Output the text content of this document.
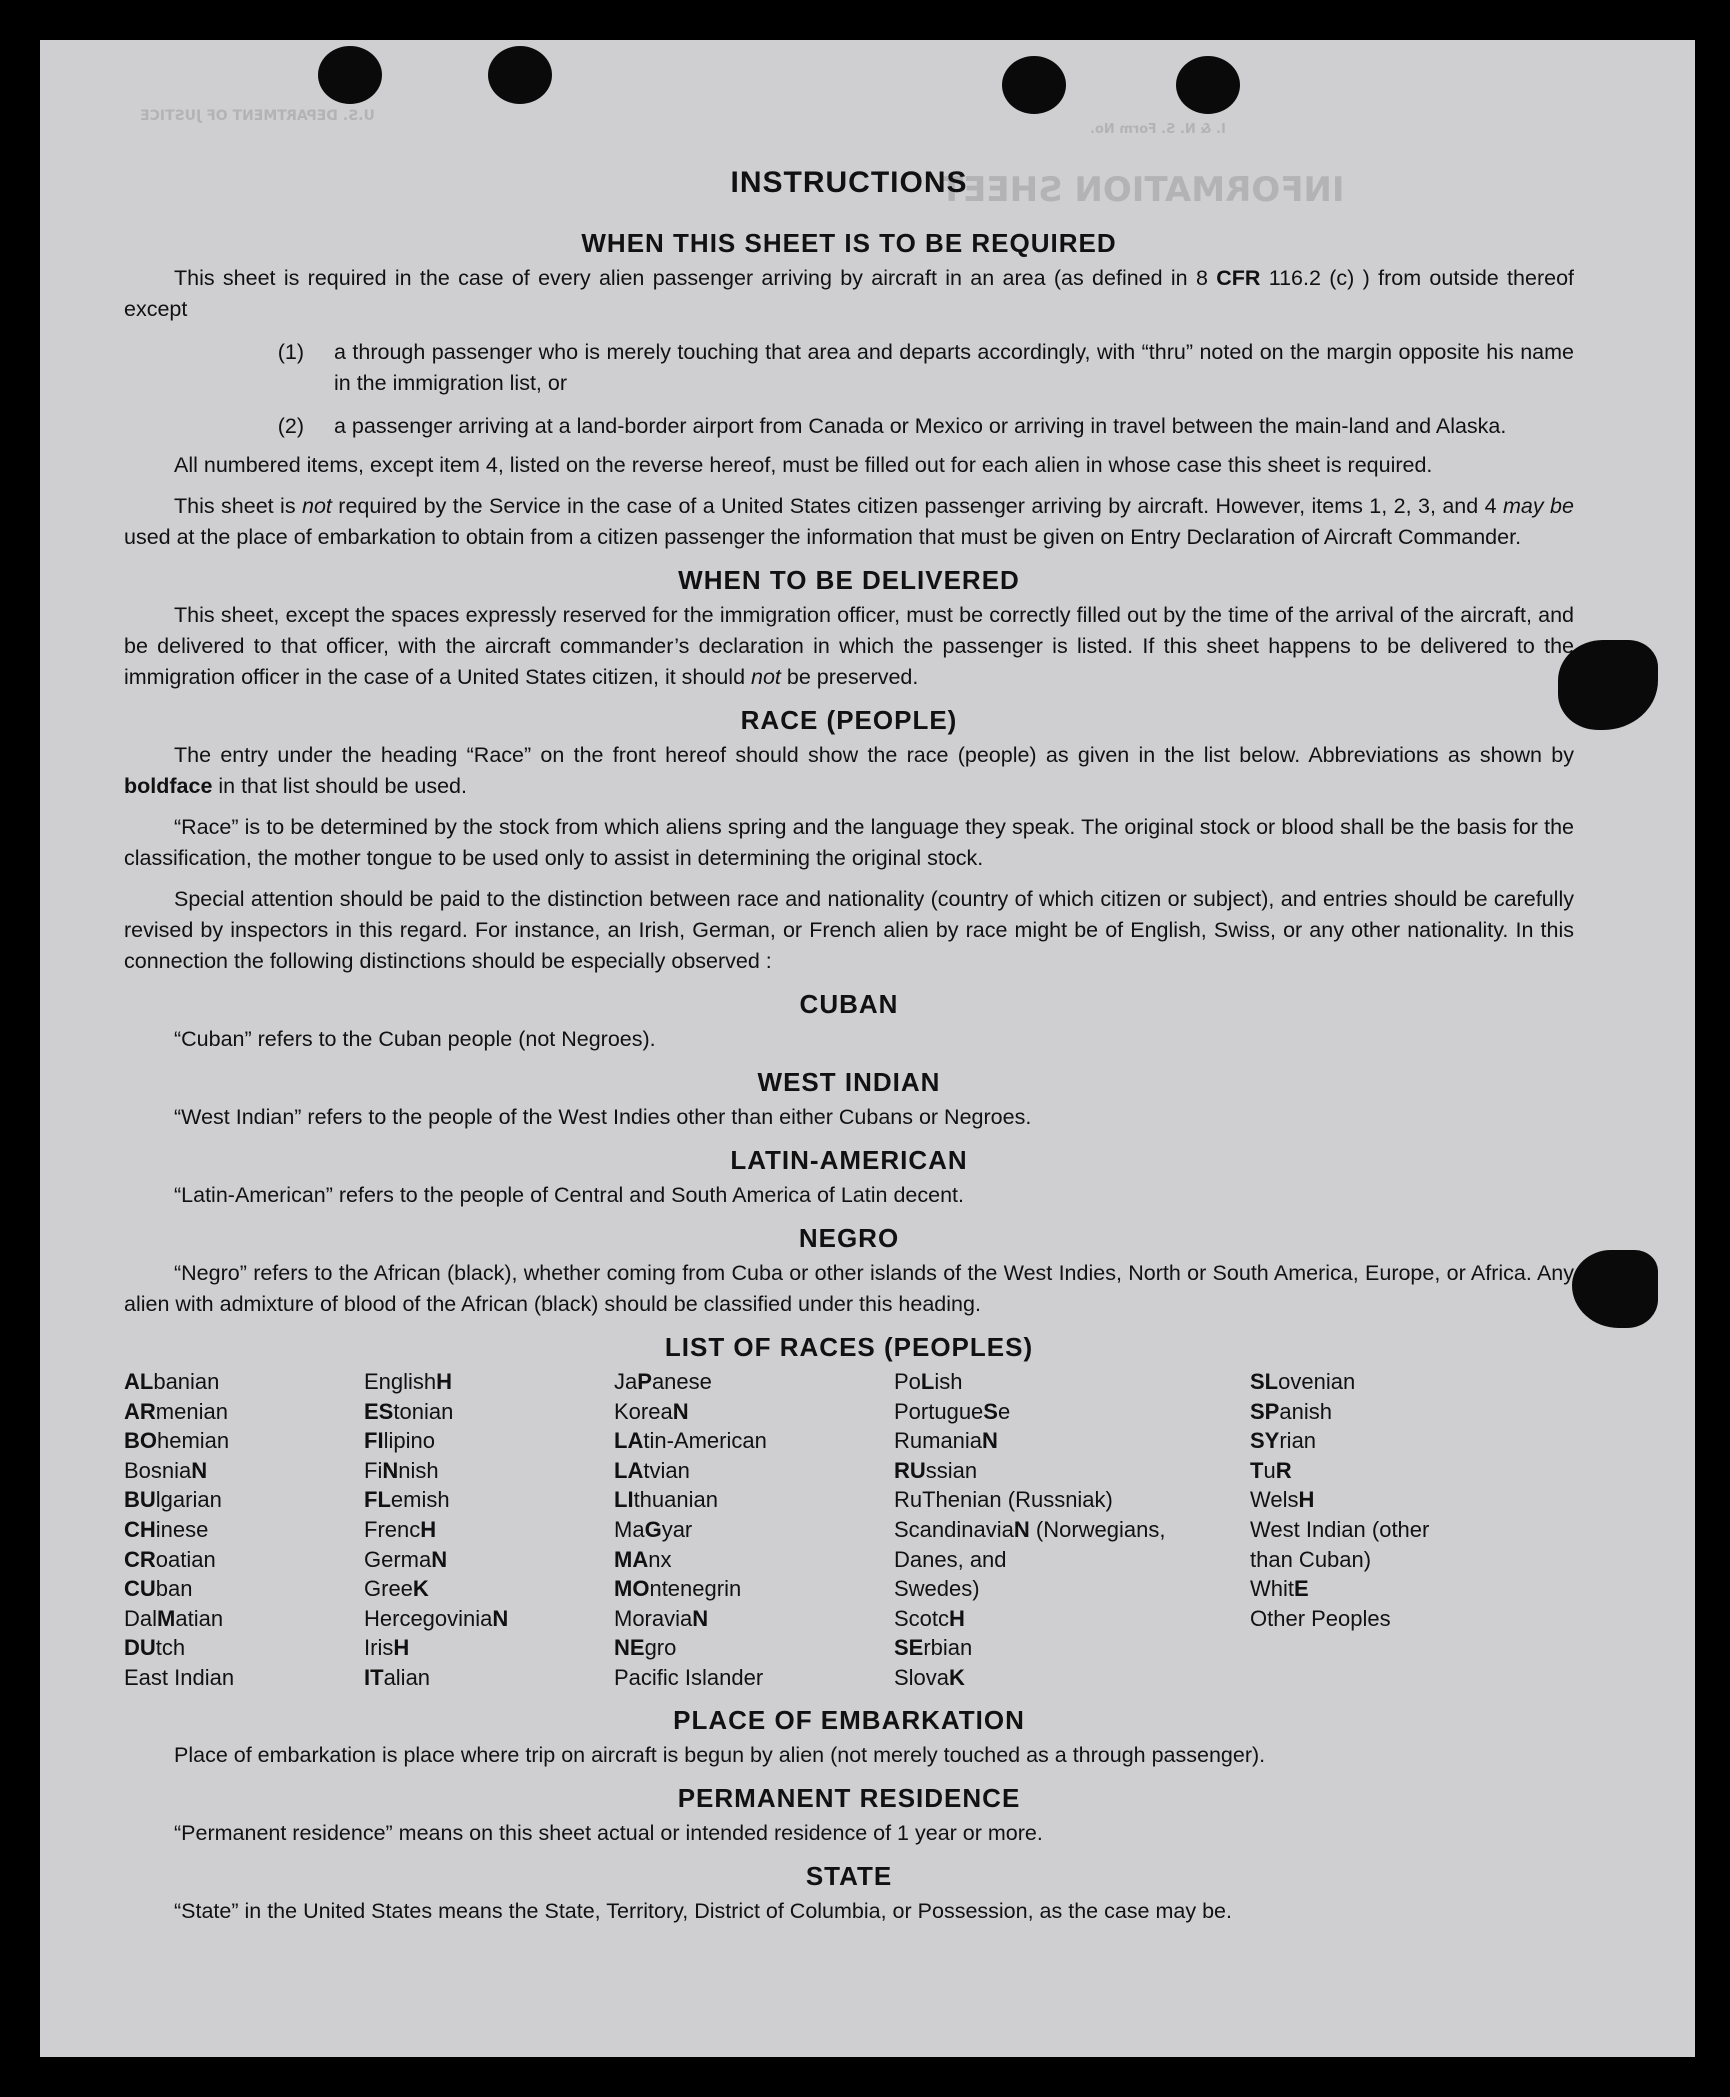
INFORMATION SHEET
U.S. DEPARTMENT OF JUSTICE
I. & N. S. Form No.
INSTRUCTIONS
WHEN THIS SHEET IS TO BE REQUIRED

This sheet is required in the case of every alien passenger arriving by aircraft in an area (as defined in 8 CFR 116.2 (c) ) from outside thereof except

(1)	a through passenger who is merely touching that area and departs accordingly, with “thru” noted on the margin opposite his name in the immigration list, or
(2)	a passenger arriving at a land-border airport from Canada or Mexico or arriving in travel between the main-land and Alaska.

All numbered items, except item 4, listed on the reverse hereof, must be filled out for each alien in whose case this sheet is required.

This sheet is not required by the Service in the case of a United States citizen passenger arriving by aircraft. However, items 1, 2, 3, and 4 may be used at the place of embarkation to obtain from a citizen passenger the information that must be given on Entry Declaration of Aircraft Commander.

WHEN TO BE DELIVERED

This sheet, except the spaces expressly reserved for the immigration officer, must be correctly filled out by the time of the arrival of the aircraft, and be delivered to that officer, with the aircraft commander’s declaration in which the passenger is listed. If this sheet happens to be delivered to the immigration officer in the case of a United States citizen, it should not be preserved.

RACE (PEOPLE)

The entry under the heading “Race” on the front hereof should show the race (people) as given in the list below. Abbreviations as shown by boldface in that list should be used.

“Race” is to be determined by the stock from which aliens spring and the language they speak. The original stock or blood shall be the basis for the classification, the mother tongue to be used only to assist in determining the original stock.

Special attention should be paid to the distinction between race and nationality (country of which citizen or subject), and entries should be carefully revised by inspectors in this regard. For instance, an Irish, German, or French alien by race might be of English, Swiss, or any other nationality. In this connection the following distinctions should be especially observed :

CUBAN

“Cuban” refers to the Cuban people (not Negroes).

WEST INDIAN

“West Indian” refers to the people of the West Indies other than either Cubans or Negroes.

LATIN-AMERICAN

“Latin-American” refers to the people of Central and South America of Latin decent.

NEGRO

“Negro” refers to the African (black), whether coming from Cuba or other islands of the West Indies, North or South America, Europe, or Africa. Any alien with admixture of blood of the African (black) should be classified under this heading.

LIST OF RACES (PEOPLES)
ALbanian
ARmenian
BOhemian
BosniaN
BUlgarian
CHinese
CRoatian
CUban
DalMatian
DUtch
East Indian
EnglishH
EStonian
FIlipino
FiNnish
FLemish
FrencH
GermaN
GreeK
HercegoviniaN
IrisH
ITalian
JaPanese
KoreaN
LAtin-American
LAtvian
LIthuanian
MaGyar
MAnx
MOntenegrin
MoraviaN
NEgro
Pacific Islander
PoLish
PortugueSe
RumaniaN
RUssian
RuThenian (Russniak)
ScandinaviaN (Norwegians,
Danes, and
Swedes)
ScotcH
SErbian
SlovaK
SLovenian
SPanish
SYrian
TuR
WelsH
West Indian (other
than Cuban)
WhitE
Other Peoples
PLACE OF EMBARKATION

Place of embarkation is place where trip on aircraft is begun by alien (not merely touched as a through passenger).

PERMANENT RESIDENCE

“Permanent residence” means on this sheet actual or intended residence of 1 year or more.

STATE

“State” in the United States means the State, Territory, District of Columbia, or Possession, as the case may be.
